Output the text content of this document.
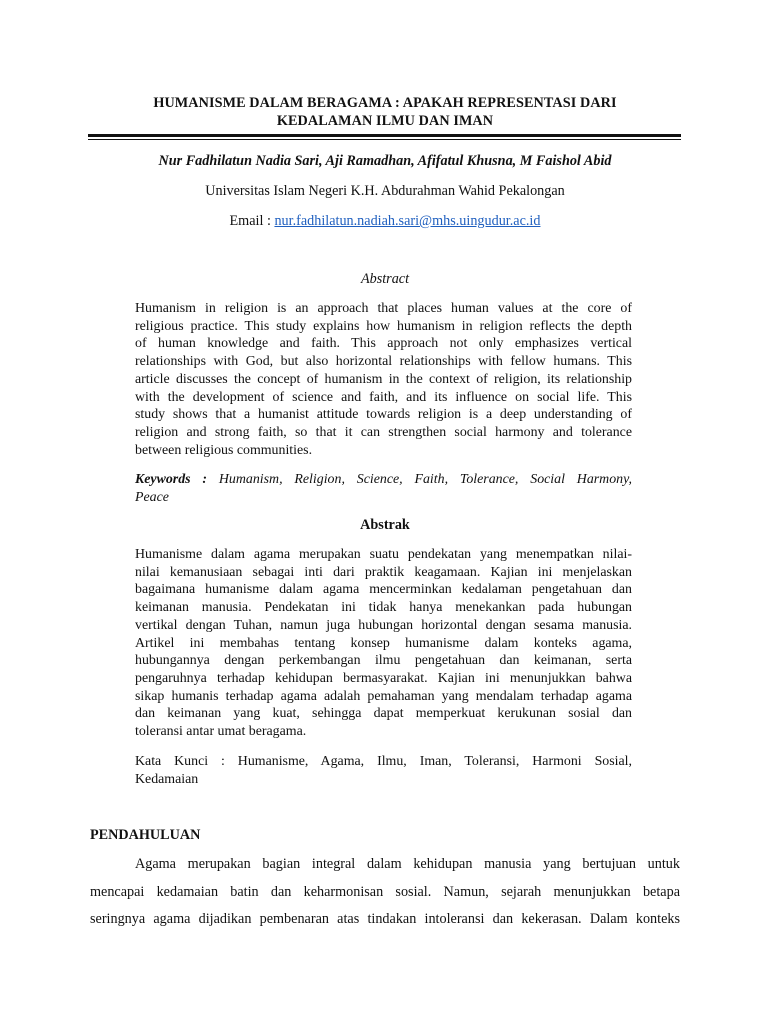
HUMANISME DALAM BERAGAMA : APAKAH REPRESENTASI DARI
KEDALAMAN ILMU DAN IMAN
Nur Fadhilatun Nadia Sari, Aji Ramadhan, Afifatul Khusna, M Faishol Abid
Universitas Islam Negeri K.H. Abdurahman Wahid Pekalongan
Email : nur.fadhilatun.nadiah.sari@mhs.uingudur.ac.id
Abstract
Humanism in religion is an approach that places human values at the core of
religious practice. This study explains how humanism in religion reflects the depth
of human knowledge and faith. This approach not only emphasizes vertical
relationships with God, but also horizontal relationships with fellow humans. This
article discusses the concept of humanism in the context of religion, its relationship
with the development of science and faith, and its influence on social life. This
study shows that a humanist attitude towards religion is a deep understanding of
religion and strong faith, so that it can strengthen social harmony and tolerance
between religious communities.
Keywords : Humanism, Religion, Science, Faith, Tolerance, Social Harmony,
Peace
Abstrak
Humanisme dalam agama merupakan suatu pendekatan yang menempatkan nilai-
nilai kemanusiaan sebagai inti dari praktik keagamaan. Kajian ini menjelaskan
bagaimana humanisme dalam agama mencerminkan kedalaman pengetahuan dan
keimanan manusia. Pendekatan ini tidak hanya menekankan pada hubungan
vertikal dengan Tuhan, namun juga hubungan horizontal dengan sesama manusia.
Artikel ini membahas tentang konsep humanisme dalam konteks agama,
hubungannya dengan perkembangan ilmu pengetahuan dan keimanan, serta
pengaruhnya terhadap kehidupan bermasyarakat. Kajian ini menunjukkan bahwa
sikap humanis terhadap agama adalah pemahaman yang mendalam terhadap agama
dan keimanan yang kuat, sehingga dapat memperkuat kerukunan sosial dan
toleransi antar umat beragama.
Kata Kunci : Humanisme, Agama, Ilmu, Iman, Toleransi, Harmoni Sosial,
Kedamaian
PENDAHULUAN
Agama merupakan bagian integral dalam kehidupan manusia yang bertujuan untuk
mencapai kedamaian batin dan keharmonisan sosial. Namun, sejarah menunjukkan betapa
seringnya agama dijadikan pembenaran atas tindakan intoleransi dan kekerasan. Dalam konteks
